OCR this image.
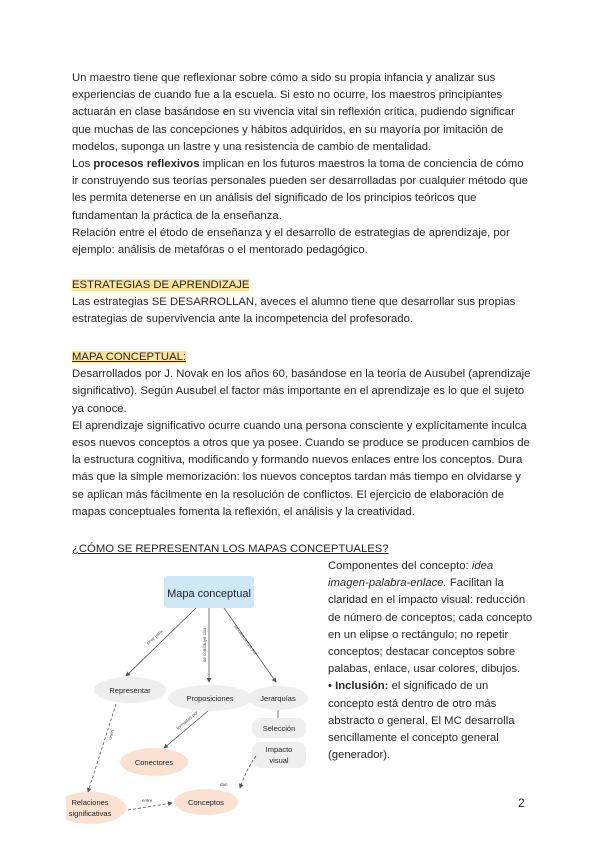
Un maestro tiene que reflexionar sobre cómo a sido su propia infancia y analizar sus experiencias de cuando fue a la escuela. Si esto no ocurre, los maestros principiantes actuarán en clase basándose en su vivencia vital sin reflexión crítica, pudiendo significar que muchas de las concepciones y hábitos adquiridos, en su mayoría por imitación de modelos, suponga un lastre y una resistencia de cambio de mentalidad.

Los procesos reflexivos implican en los futuros maestros la toma de conciencia de cómo ir construyendo sus teorías personales pueden ser desarrolladas por cualquier método que les permita detenerse en un análisis del significado de los principios teóricos que fundamentan la práctica de la enseñanza.

Relación entre el étodo de enseñanza y el desarrollo de estrategias de aprendizaje, por ejemplo: análisis de metafóras o el mentorado pedagógico.

ESTRATEGIAS DE APRENDIZAJE

Las estrategias SE DESARROLLAN, aveces el alumno tiene que desarrollar sus propias estrategias de supervivencia ante la incompetencia del profesorado.

MAPA CONCEPTUAL:

Desarrollados por J. Novak en los años 60, basándose en la teoría de Ausubel (aprendizaje significativo). Según Ausubel el factor más importante en el aprendizaje es lo que el sujeto ya conoce.

El aprendizaje significativo ocurre cuando una persona consciente y explícitamente inculca esos nuevos conceptos a otros que ya posee. Cuando se produce se producen cambios de la estructura cognitiva, modificando y formando nuevos enlaces entre los conceptos. Dura más que la simple memorización: los nuevos conceptos tardan más tiempo en olvidarse y se aplican más fácilmente en la resolución de conflictos. El ejercicio de elaboración de mapas conceptuales fomenta la reflexión, el análisis y la creatividad.

¿CÓMO SE REPRESENTAN LOS MAPAS CONCEPTUALES?

Mapa conceptual
sirve para	se construye con	se caracteriza por
Representar
Proposiciones	Jerarquías
Selección
Impacto
visual
formadas por
Conectores
unen
Relaciones
significativas
Conceptos
entre
dan

Componentes del concepto: idea imagen-palabra-enlace. Facilitan la claridad en el impacto visual: reducción de número de conceptos; cada concepto en un elipse o rectángulo; no repetir conceptos; destacar conceptos sobre palabas, enlace, usar colores, dibujos.

• Inclusión: el significado de un concepto está dentro de otro más abstracto o general. El MC desarrolla sencillamente el concepto general (generador).

2
